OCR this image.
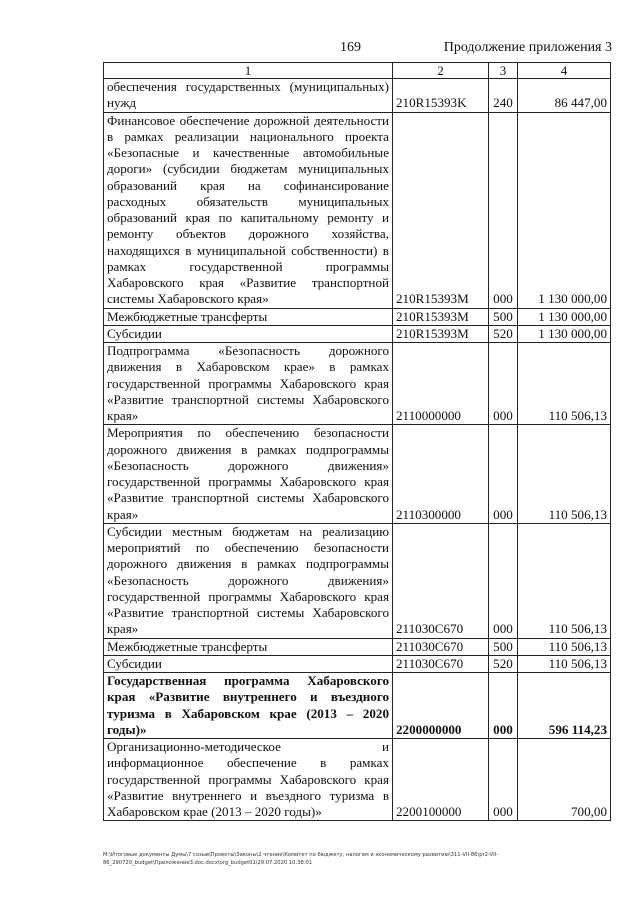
169	Продолжение приложения 3
1	2	3	4
обеспечения государственных (муниципальных) нужд	210R15393K	240	86 447,00
Финансовое обеспечение дорожной деятельности в рамках реализации национального проекта «Безопасные и качественные автомобильные дороги» (субсидии бюджетам муниципальных образований края на софинансирование расходных обязательств муниципальных образований края по капитальному ремонту и ремонту объектов дорожного хозяйства, находящихся в муниципальной собственности) в рамках государственной программы Хабаровского края «Развитие транспортной системы Хабаровского края»	210R15393M	000	1 130 000,00
Межбюджетные трансферты	210R15393M	500	1 130 000,00
Субсидии	210R15393M	520	1 130 000,00
Подпрограмма «Безопасность дорожного движения в Хабаровском крае» в рамках государственной программы Хабаровского края «Развитие транспортной системы Хабаровского края»	2110000000	000	110 506,13
Мероприятия по обеспечению безопасности дорожного движения в рамках подпрограммы «Безопасность дорожного движения» государственной программы Хабаровского края «Развитие транспортной системы Хабаровского края»	2110300000	000	110 506,13
Субсидии местным бюджетам на реализацию мероприятий по обеспечению безопасности дорожного движения в рамках подпрограммы «Безопасность дорожного движения» государственной программы Хабаровского края «Развитие транспортной системы Хабаровского края»	211030С670	000	110 506,13
Межбюджетные трансферты	211030С670	500	110 506,13
Субсидии	211030С670	520	110 506,13
Государственная программа Хабаровского края «Развитие внутреннего и въездного туризма в Хабаровском крае (2013 – 2020 годы)»	2200000000	000	596 114,23
Организационно-методическое и информационное обеспечение в рамках государственной программы Хабаровского края «Развитие внутреннего и въездного туризма в Хабаровском крае (2013 – 2020 годы)»	2200100000	000	700,00
М:\Итоговые документы Думы\7 созыв\Проекты\Законы\2 чтение\Комитет по бюджету, налогам и экономическому развитию\311-VII-86\pr2-VII-86_290720_budget\Приложение3.doc.docx\org_budget01\29.07.2020 10:38:01
